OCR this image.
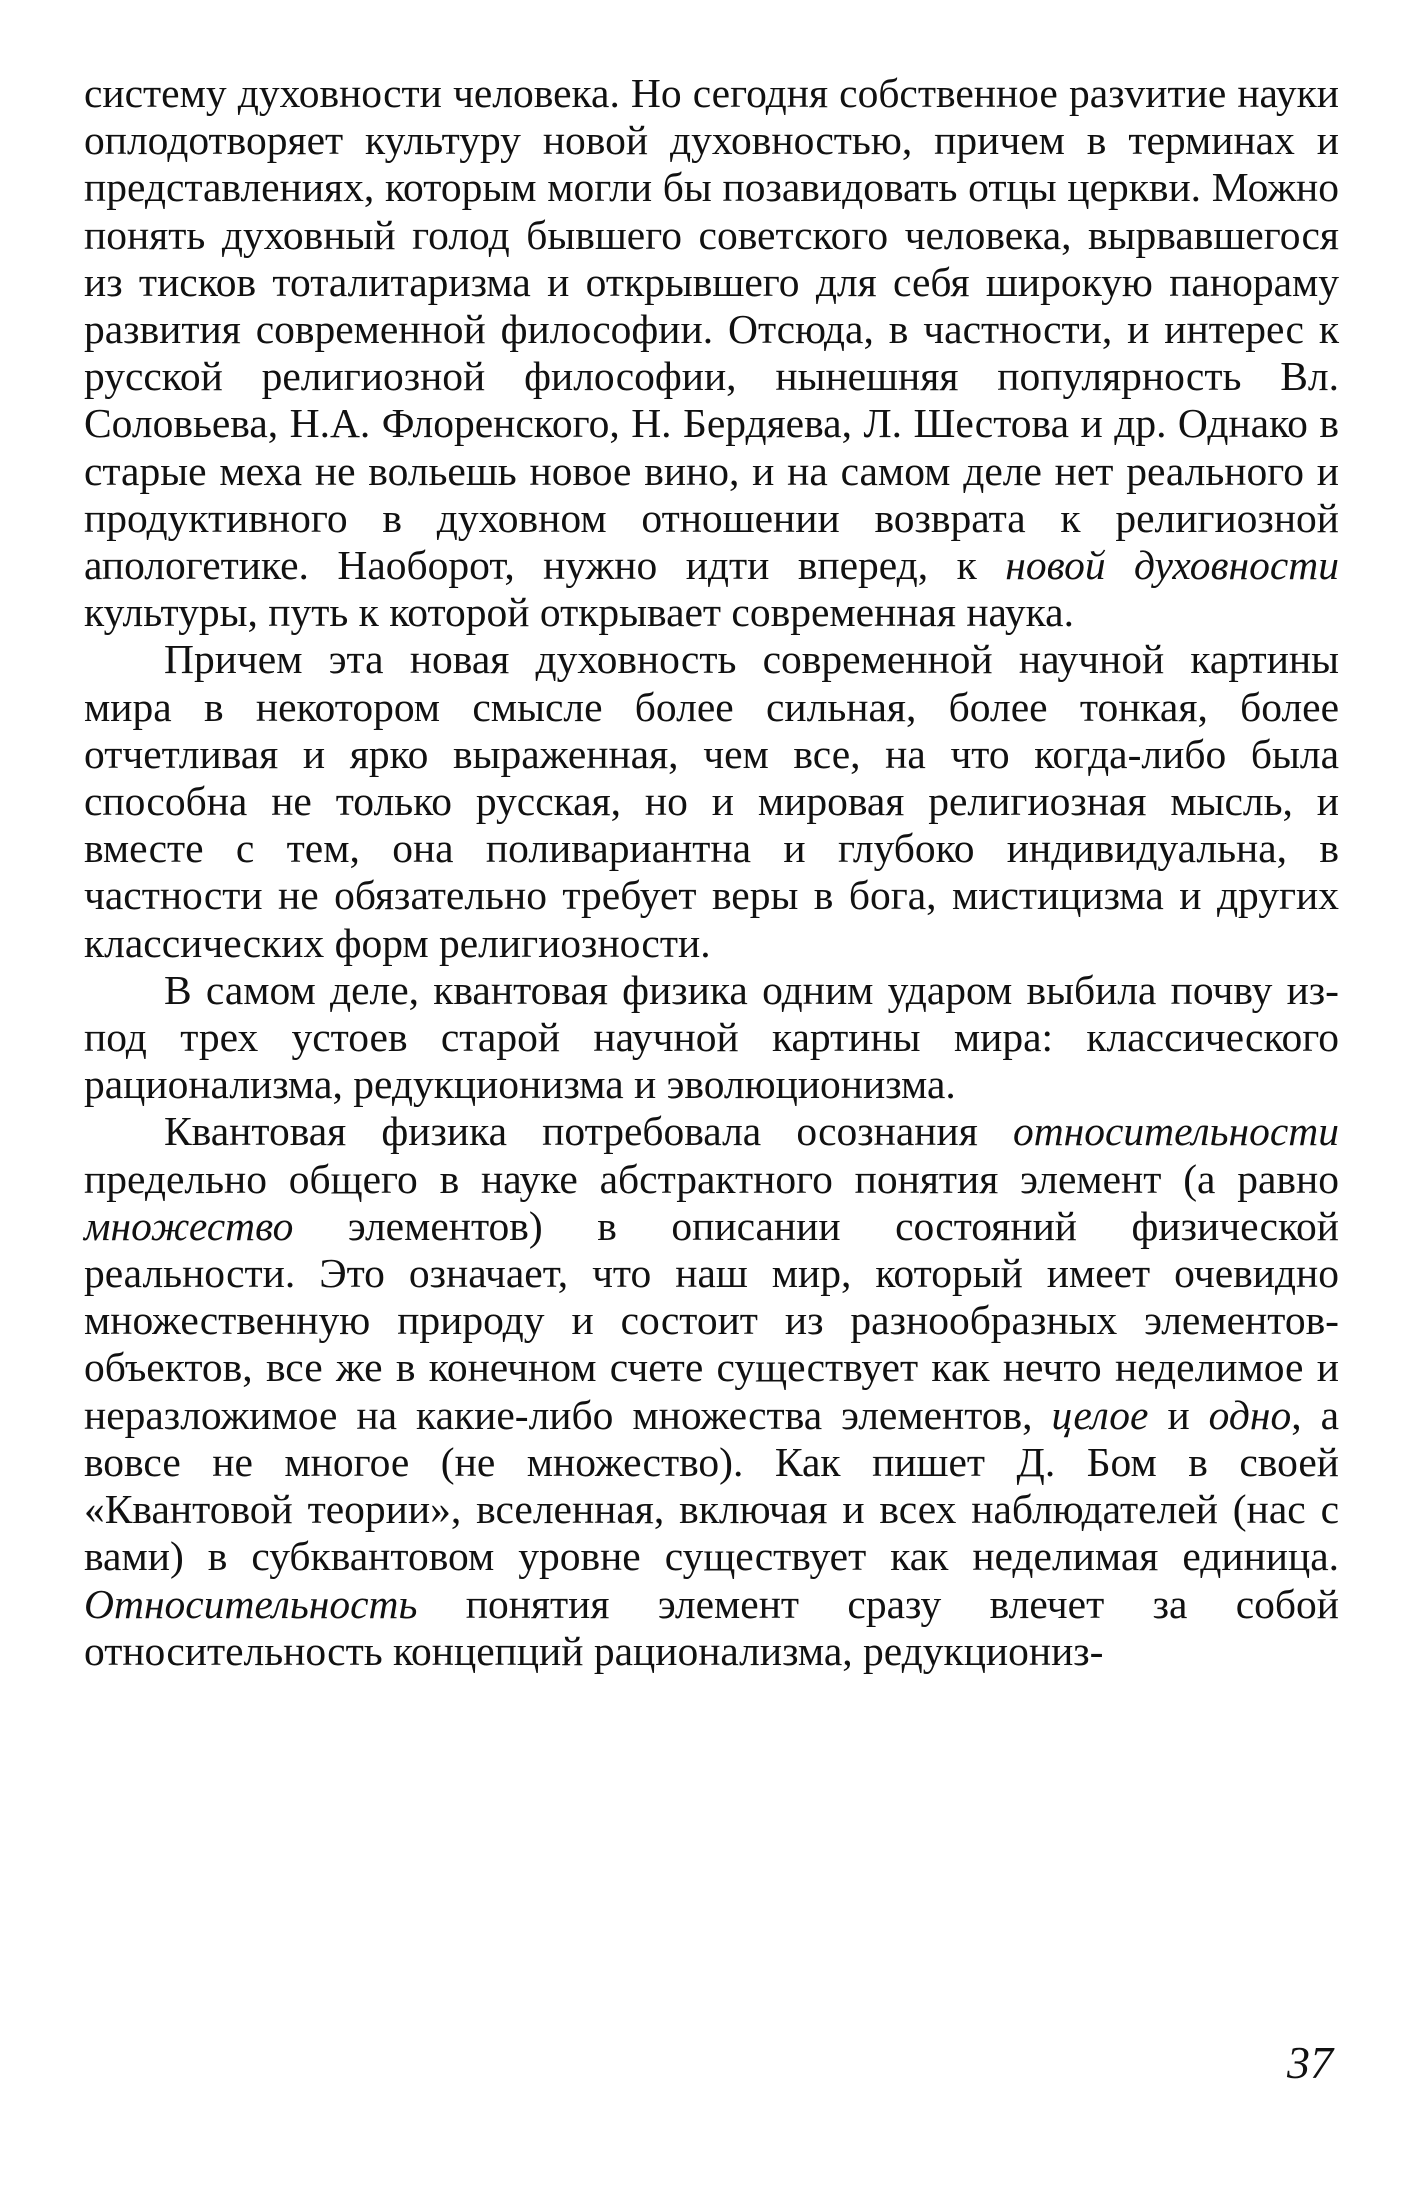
систему духовности человека. Но сегодня собственное разvитие науки оплодотворяет культуру новой духовностью, причем в терминах и представлениях, которым могли бы позавидовать отцы церкви. Можно понять духовный голод бывшего советского человека, вырвавшегося из тисков тоталитаризма и открывшего для себя широкую панораму развития современной философии. Отсюда, в частности, и интерес к русской религиозной философии, нынешняя популярность Вл. Соловьева, Н.А. Флоренского, Н. Бердяева, Л. Шестова и др. Однако в старые меха не вольешь новое вино, и на самом деле нет реального и продуктивного в духовном отношении возврата к религиозной апологетике. Наоборот, нужно идти вперед, к новой духовности культуры, путь к которой открывает современная наука.

Причем эта новая духовность современной научной картины мира в некотором смысле более сильная, более тонкая, более отчетливая и ярко выраженная, чем все, на что когда-либо была способна не только русская, но и мировая религиозная мысль, и вместе с тем, она поливариантна и глубоко индивидуальна, в частности не обязательно требует веры в бога, мистицизма и других классических форм религиозности.

В самом деле, квантовая физика одним ударом выбила почву из-под трех устоев старой научной картины мира: классического рационализма, редукционизма и эволюционизма.

Квантовая физика потребовала осознания относительности предельно общего в науке абстрактного понятия элемент (а равно множество элементов) в описании состояний физической реальности. Это означает, что наш мир, который имеет очевидно множественную природу и состоит из разнообразных элементов-объектов, все же в конечном счете существует как нечто неделимое и неразложимое на какие-либо множества элементов, целое и одно, а вовсе не многое (не множество). Как пишет Д. Бом в своей «Квантовой теории», вселенная, включая и всех наблюдателей (нас с вами) в субквантовом уровне существует как неделимая единица. Относительность понятия элемент сразу влечет за собой относительность концепций рационализма, редукциониз-

37
